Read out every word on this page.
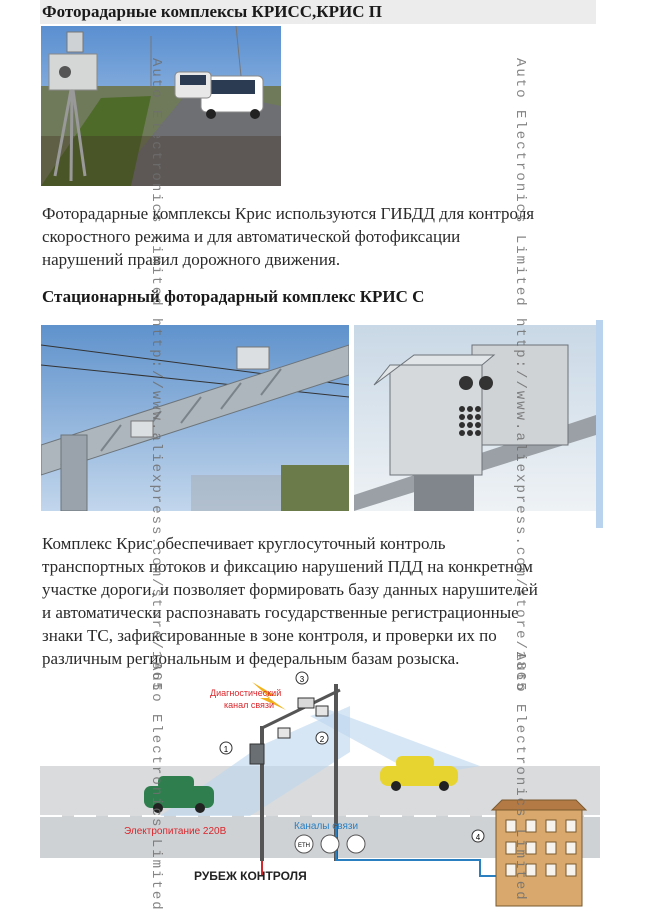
Фоторадарные комплексы КРИСС,КРИС П
Фоторадарные комплексы Крис используются ГИБДД для контроля
скоростного режима и для автоматической фотофиксации
нарушений правил дорожного движения.
Стационарный фоторадарный комплекс КРИС С
Комплекс Крис обеспечивает круглосуточный контроль
транспортных потоков и фиксацию нарушений ПДД на конкретном
участке дороги, и позволяет формировать базу данных нарушителей
и автоматически распознавать государственные регистрационные
знаки ТС, зафиксированные в зоне контроля, и проверки их по
различным региональным и федеральным базам розыска.
1
3
2
4
Диагностический
канал связи
Электропитание 220В	Каналы связи
ETH
РУБЕЖ КОНТРОЛЯ
Auto Electronics Limited http://www.aliexpress.com/store/1865	Auto Electronics Limited http://www.aliexpress.com/store/1865
Auto Electronics Limited	Auto Electronics Limited
